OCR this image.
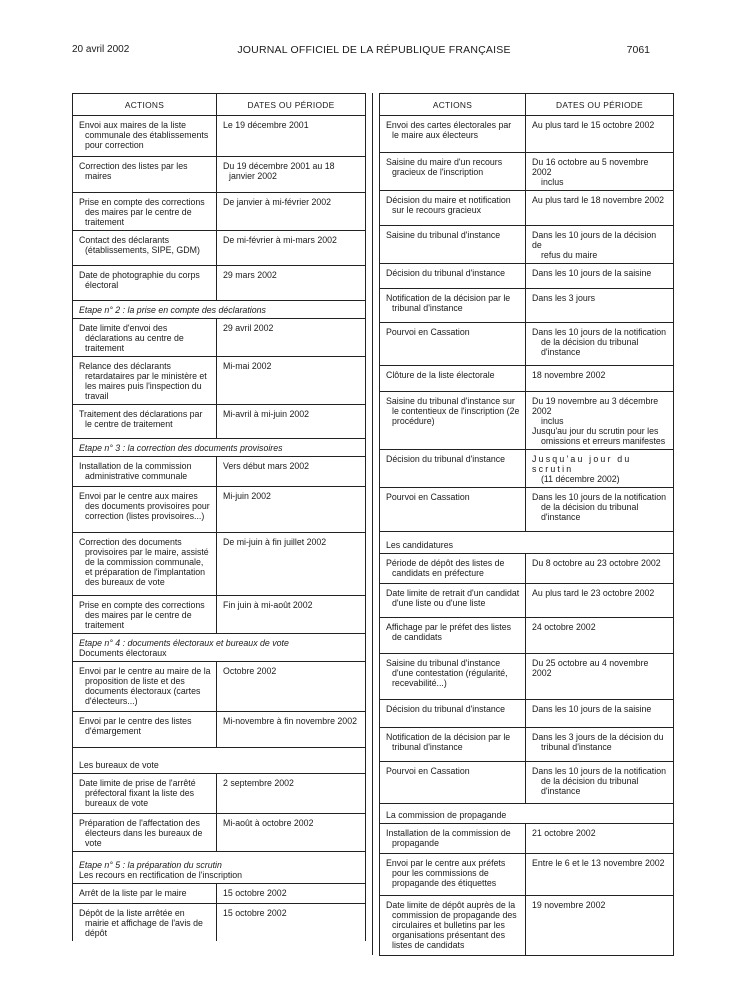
20 avril 2002	JOURNAL OFFICIEL DE LA RÉPUBLIQUE FRANÇAISE	7061
ACTIONS	DATES OU PÉRIODE

Envoi aux maires de la liste communale des établissements pour correction	Le 19 décembre 2001

Correction des listes par les maires	Du 19 décembre 2001 au 18 janvier 2002

Prise en compte des corrections des maires par le centre de traitement	De janvier à mi-février 2002

Contact des déclarants (établissements, SIPE, GDM)	De mi-février à mi-mars 2002

Date de photographie du corps électoral	29 mars 2002

Etape n° 2 : la prise en compte des déclarations	

Date limite d'envoi des déclarations au centre de traitement	29 avril 2002

Relance des déclarants retardataires par le ministère et les maires puis l'inspection du travail	Mi-mai 2002

Traitement des déclarations par le centre de traitement	Mi-avril à mi-juin 2002

Etape n° 3 : la correction des documents provisoires	

Installation de la commission administrative communale	Vers début mars 2002

Envoi par le centre aux maires des documents provisoires pour correction (listes provisoires...)	Mi-juin 2002

Correction des documents provisoires par le maire, assisté de la commission communale, et préparation de l'implantation des bureaux de vote	De mi-juin à fin juillet 2002

Prise en compte des corrections des maires par le centre de traitement	Fin juin à mi-août 2002

Etape n° 4 : documents électoraux et bureaux de vote
Documents électoraux	

Envoi par le centre au maire de la proposition de liste et des documents électoraux (cartes d'électeurs...)	Octobre 2002

Envoi par le centre des listes d'émargement	Mi-novembre à fin novembre 2002

Les bureaux de vote	

Date limite de prise de l'arrêté préfectoral fixant la liste des bureaux de vote	2 septembre 2002

Préparation de l'affectation des électeurs dans les bureaux de vote	Mi-août à octobre 2002

Etape n° 5 : la préparation du scrutin
Les recours en rectification de l'inscription	

Arrêt de la liste par le maire	15 octobre 2002

Dépôt de la liste arrêtée en mairie et affichage de l'avis de dépôt	15 octobre 2002
ACTIONS	DATES OU PÉRIODE

Envoi des cartes électorales par le maire aux électeurs	Au plus tard le 15 octobre 2002

Saisine du maire d'un recours gracieux de l'inscription	Du 16 octobre au 5 novembre 2002
inclus

Décision du maire et notification sur le recours gracieux	Au plus tard le 18 novembre 2002

Saisine du tribunal d'instance	Dans les 10 jours de la décision de
refus du maire

Décision du tribunal d'instance	Dans les 10 jours de la saisine

Notification de la décision par le tribunal d'instance	Dans les 3 jours

Pourvoi en Cassation	Dans les 10 jours de la notification
de la décision du tribunal d'instance

Clôture de la liste électorale	18 novembre 2002

Saisine du tribunal d'instance sur le contentieux de l'inscription (2e procédure)	Du 19 novembre au 3 décembre 2002
inclus
Jusqu'au jour du scrutin pour les
omissions et erreurs manifestes

Décision du tribunal d'instance	Jusqu'au jour du scrutin
(11 décembre 2002)

Pourvoi en Cassation	Dans les 10 jours de la notification
de la décision du tribunal d'instance

Les candidatures	

Période de dépôt des listes de candidats en préfecture	Du 8 octobre au 23 octobre 2002

Date limite de retrait d'un candidat d'une liste ou d'une liste	Au plus tard le 23 octobre 2002

Affichage par le préfet des listes de candidats	24 octobre 2002

Saisine du tribunal d'instance d'une contestation (régularité, recevabilité...)	Du 25 octobre au 4 novembre 2002

Décision du tribunal d'instance	Dans les 10 jours de la saisine

Notification de la décision par le tribunal d'instance	Dans les 3 jours de la décision du
tribunal d'instance

Pourvoi en Cassation	Dans les 10 jours de la notification
de la décision du tribunal d'instance

La commission de propagande	

Installation de la commission de propagande	21 octobre 2002

Envoi par le centre aux préfets pour les commissions de propagande des étiquettes	Entre le 6 et le 13 novembre 2002

Date limite de dépôt auprès de la commission de propagande des circulaires et bulletins par les organisations présentant des listes de candidats	19 novembre 2002
